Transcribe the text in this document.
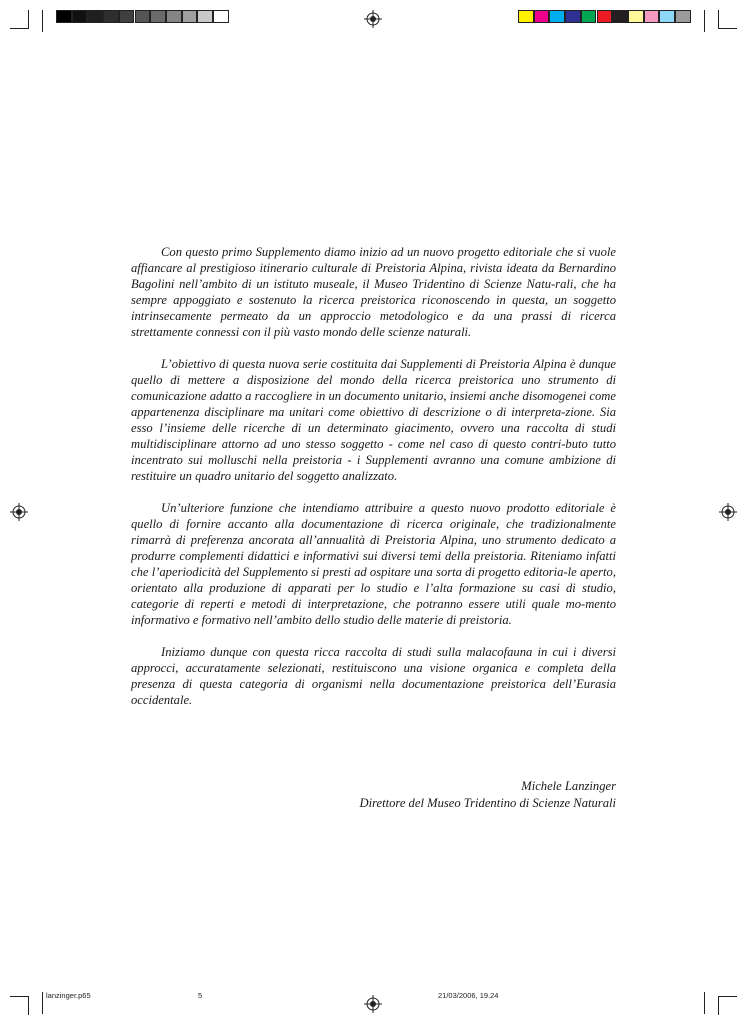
Con questo primo Supplemento diamo inizio ad un nuovo progetto editoriale che si vuole affiancare al prestigioso itinerario culturale di Preistoria Alpina, rivista ideata da Bernardino Bagolini nell’ambito di un istituto museale, il Museo Tridentino di Scienze Natu-rali, che ha sempre appoggiato e sostenuto la ricerca preistorica riconoscendo in questa, un soggetto intrinsecamente permeato da un approccio metodologico e da una prassi di ricerca strettamente connessi con il più vasto mondo delle scienze naturali.

L’obiettivo di questa nuova serie costituita dai Supplementi di Preistoria Alpina è dunque quello di mettere a disposizione del mondo della ricerca preistorica uno strumento di comunicazione adatto a raccogliere in un documento unitario, insiemi anche disomogenei come appartenenza disciplinare ma unitari come obiettivo di descrizione o di interpreta-zione. Sia esso l’insieme delle ricerche di un determinato giacimento, ovvero una raccolta di studi multidisciplinare attorno ad uno stesso soggetto - come nel caso di questo contri-buto tutto incentrato sui molluschi nella preistoria - i Supplementi avranno una comune ambizione di restituire un quadro unitario del soggetto analizzato.

Un’ulteriore funzione che intendiamo attribuire a questo nuovo prodotto editoriale è quello di fornire accanto alla documentazione di ricerca originale, che tradizionalmente rimarrà di preferenza ancorata all’annualità di Preistoria Alpina, uno strumento dedicato a produrre complementi didattici e informativi sui diversi temi della preistoria. Riteniamo infatti che l’aperiodicità del Supplemento si presti ad ospitare una sorta di progetto editoria-le aperto, orientato alla produzione di apparati per lo studio e l’alta formazione su casi di studio, categorie di reperti e metodi di interpretazione, che potranno essere utili quale mo-mento informativo e formativo nell’ambito dello studio delle materie di preistoria.

Iniziamo dunque con questa ricca raccolta di studi sulla malacofauna in cui i diversi approcci, accuratamente selezionati, restituiscono una visione organica e completa della presenza di questa categoria di organismi nella documentazione preistorica dell’Eurasia occidentale.

Michele Lanzinger
Direttore del Museo Tridentino di Scienze Naturali
lanzinger.p65	5	21/03/2006, 19.24
